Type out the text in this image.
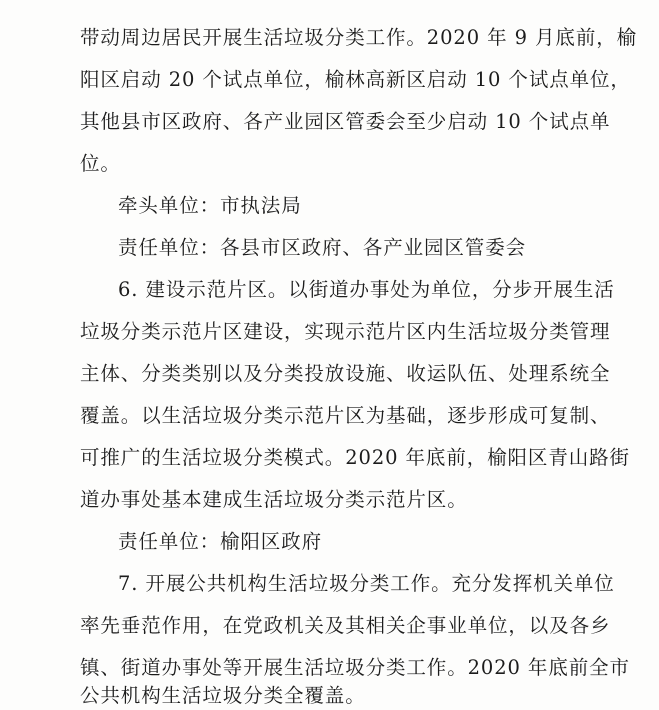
带动周边居民开展生活垃圾分类工作。2020 年 9 月底前，榆
阳区启动 20 个试点单位，榆林高新区启动 10 个试点单位，
其他县市区政府、各产业园区管委会至少启动 10 个试点单
位。
牵头单位：市执法局
责任单位：各县市区政府、各产业园区管委会
6. 建设示范片区。以街道办事处为单位，分步开展生活
垃圾分类示范片区建设，实现示范片区内生活垃圾分类管理
主体、分类类别以及分类投放设施、收运队伍、处理系统全
覆盖。以生活垃圾分类示范片区为基础，逐步形成可复制、
可推广的生活垃圾分类模式。2020 年底前，榆阳区青山路街
道办事处基本建成生活垃圾分类示范片区。
责任单位：榆阳区政府
7. 开展公共机构生活垃圾分类工作。充分发挥机关单位
率先垂范作用，在党政机关及其相关企事业单位，以及各乡
镇、街道办事处等开展生活垃圾分类工作。2020 年底前全市
公共机构生活垃圾分类全覆盖。
